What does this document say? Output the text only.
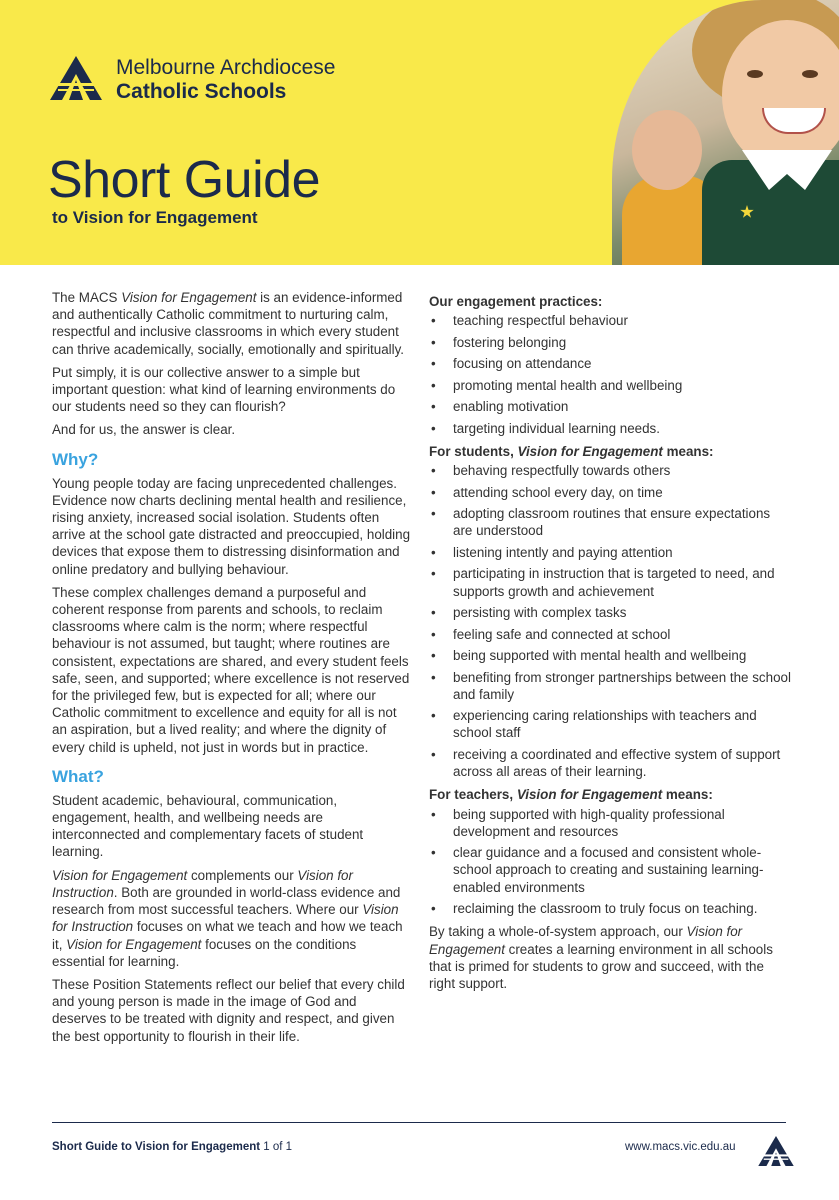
Melbourne Archdiocese
Catholic Schools
Short Guide

to Vision for Engagement

The MACS Vision for Engagement is an evidence-informed and authentically Catholic commitment to nurturing calm, respectful and inclusive classrooms in which every student can thrive academically, socially, emotionally and spiritually.

Put simply, it is our collective answer to a simple but important question: what kind of learning environments do our students need so they can flourish?

And for us, the answer is clear.

Why?

Young people today are facing unprecedented challenges. Evidence now charts declining mental health and resilience, rising anxiety, increased social isolation. Students often arrive at the school gate distracted and preoccupied, holding devices that expose them to distressing disinformation and online predatory and bullying behaviour.

These complex challenges demand a purposeful and coherent response from parents and schools, to reclaim classrooms where calm is the norm; where respectful behaviour is not assumed, but taught; where routines are consistent, expectations are shared, and every student feels safe, seen, and supported; where excellence is not reserved for the privileged few, but is expected for all; where our Catholic commitment to excellence and equity for all is not an aspiration, but a lived reality; and where the dignity of every child is upheld, not just in words but in practice.

What?

Student academic, behavioural, communication, engagement, health, and wellbeing needs are interconnected and complementary facets of student learning.

Vision for Engagement complements our Vision for Instruction. Both are grounded in world-class evidence and research from most successful teachers. Where our Vision for Instruction focuses on what we teach and how we teach it, Vision for Engagement focuses on the conditions essential for learning.

These Position Statements reflect our belief that every child and young person is made in the image of God and deserves to be treated with dignity and respect, and given the best opportunity to flourish in their life.

Our engagement practices:
• teaching respectful behaviour
• fostering belonging
• focusing on attendance
• promoting mental health and wellbeing
• enabling motivation
• targeting individual learning needs.
For students, Vision for Engagement means:
• behaving respectfully towards others
• attending school every day, on time
• adopting classroom routines that ensure expectations are understood
• listening intently and paying attention
• participating in instruction that is targeted to need, and supports growth and achievement
• persisting with complex tasks
• feeling safe and connected at school
• being supported with mental health and wellbeing
• benefiting from stronger partnerships between the school and family
• experiencing caring relationships with teachers and school staff
• receiving a coordinated and effective system of support across all areas of their learning.
For teachers, Vision for Engagement means:
• being supported with high-quality professional development and resources
• clear guidance and a focused and consistent whole-school approach to creating and sustaining learning-enabled environments
• reclaiming the classroom to truly focus on teaching.

By taking a whole-of-system approach, our Vision for Engagement creates a learning environment in all schools that is primed for students to grow and succeed, with the right support.

Short Guide to Vision for Engagement 1 of 1	www.macs.vic.edu.au
